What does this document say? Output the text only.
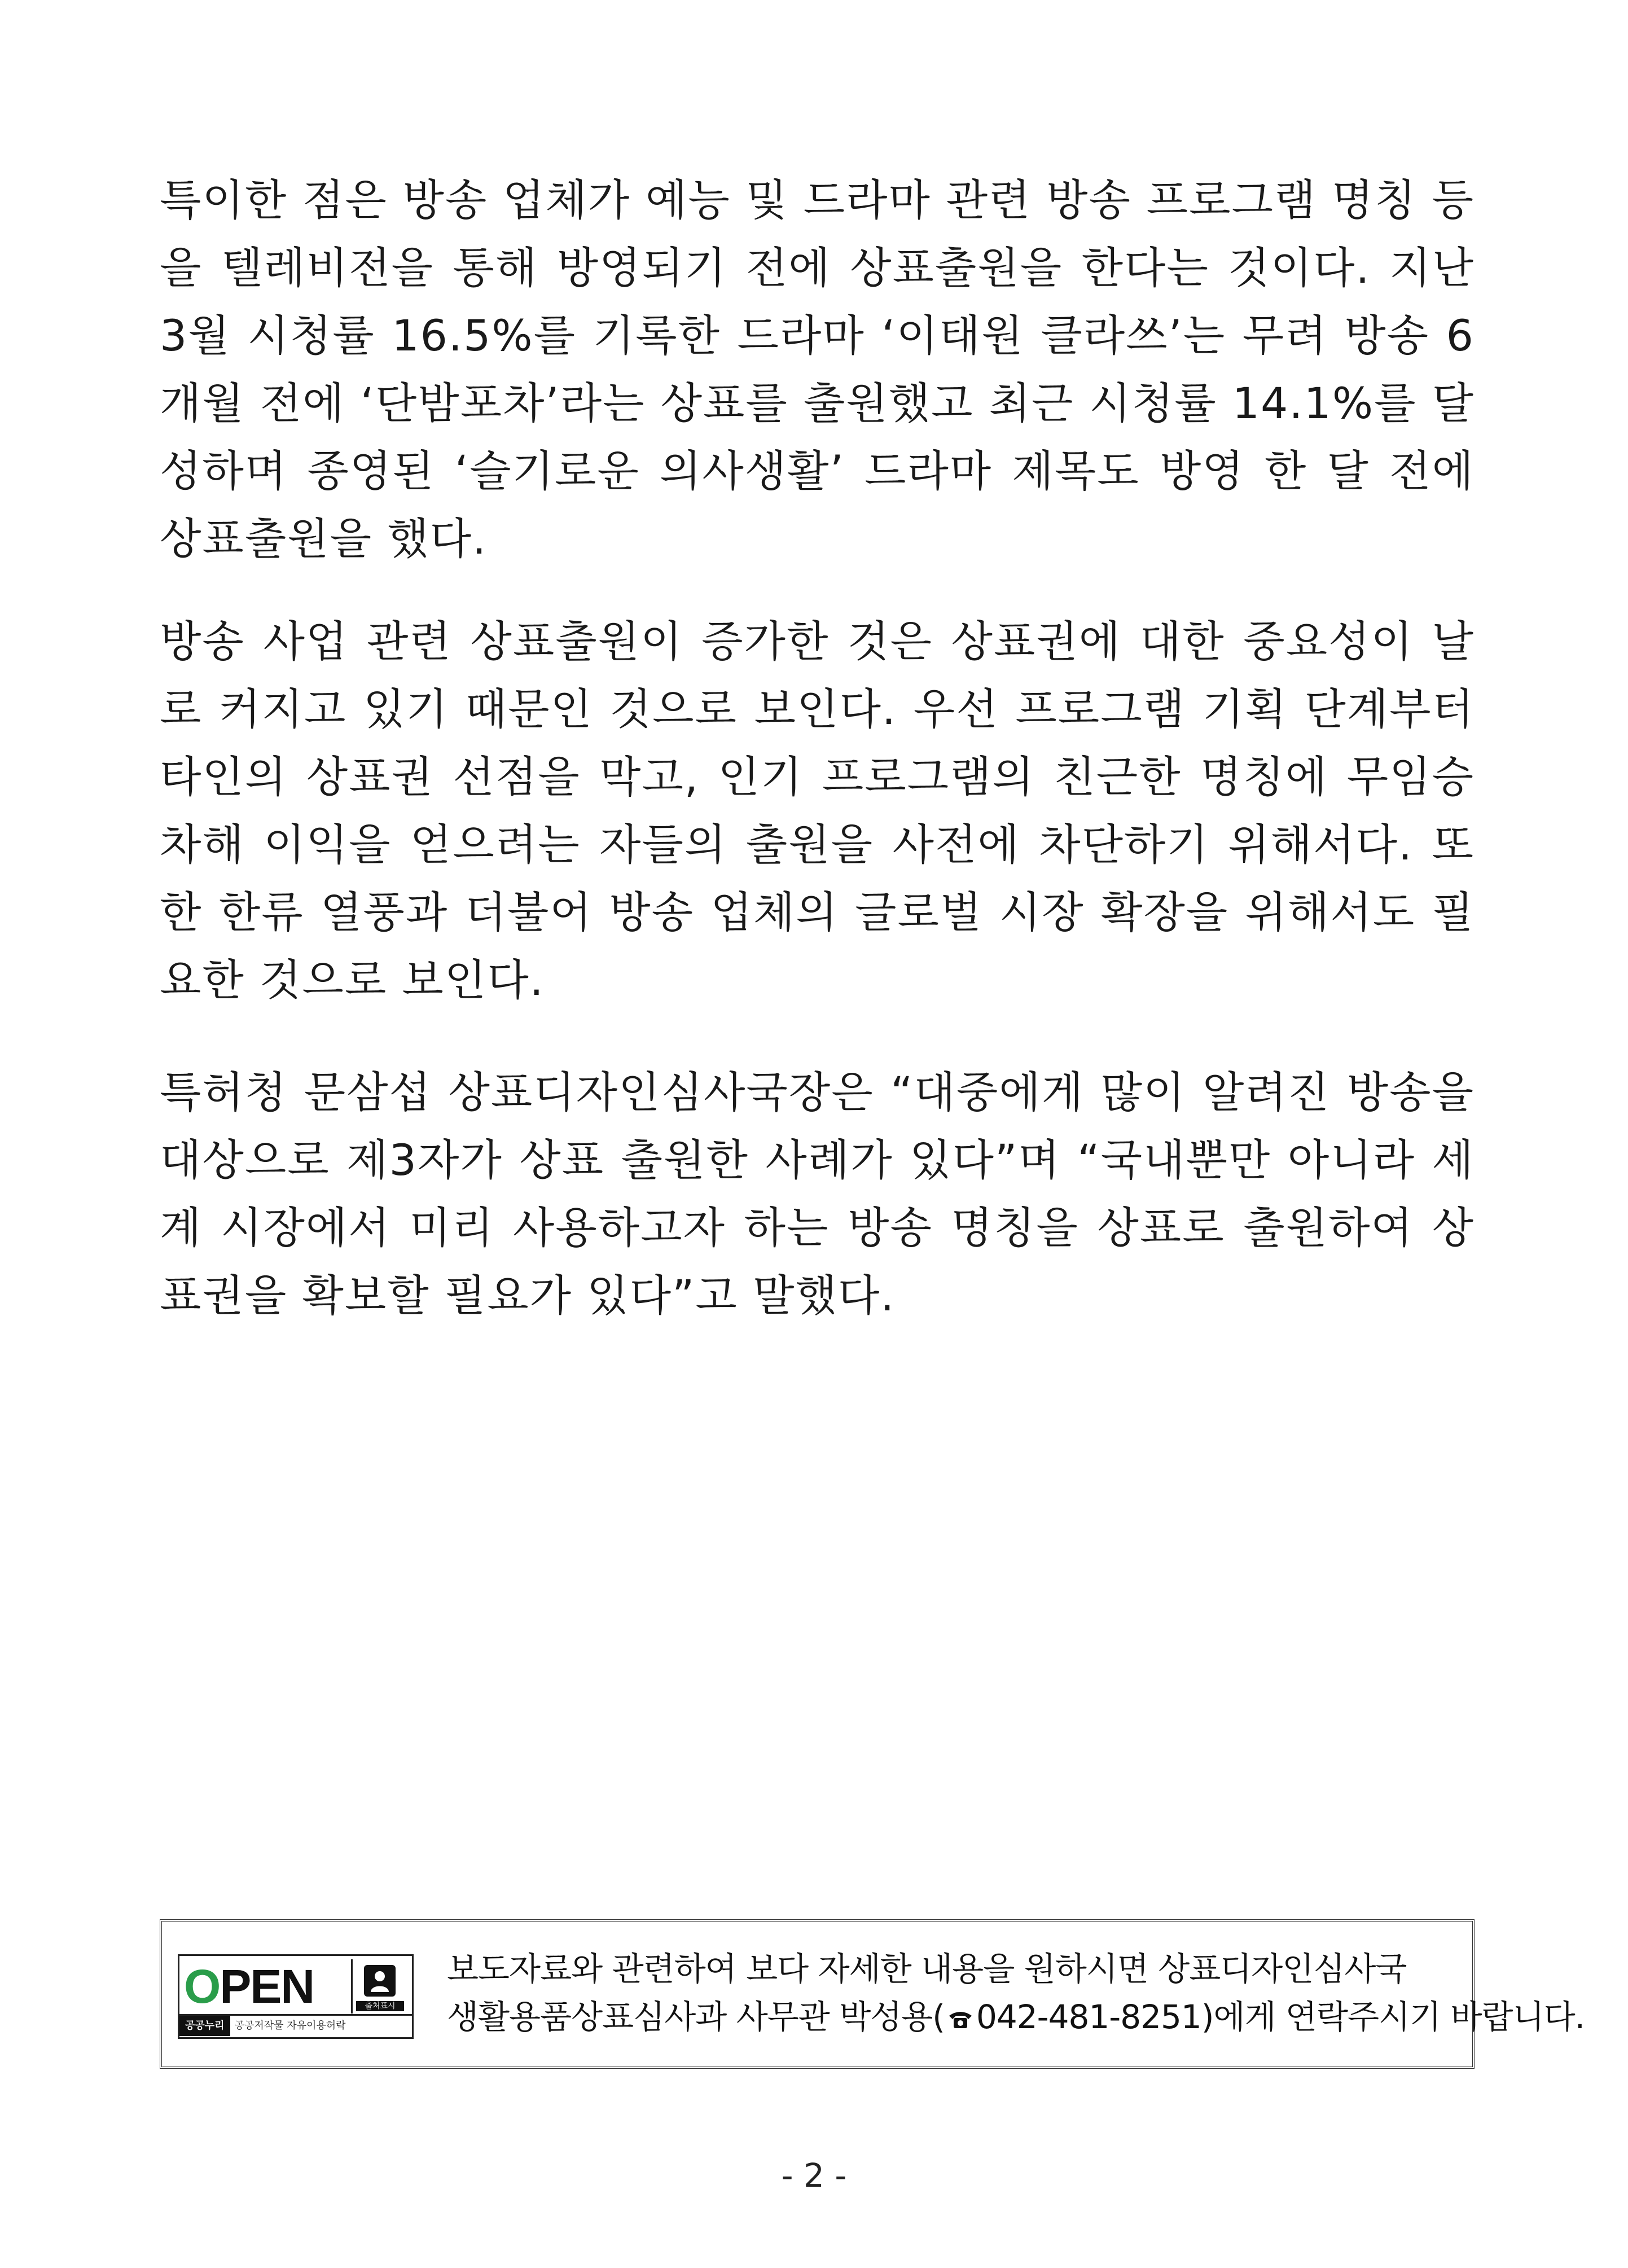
특이한 점은 방송 업체가 예능 및 드라마 관련 방송 프로그램 명칭 등을 텔레비전을 통해 방영되기 전에 상표출원을 한다는 것이다. 지난 3월 시청률 16.5%를 기록한 드라마 ‘이태원 클라쓰’는 무려 방송 6개월 전에 ‘단밤포차’라는 상표를 출원했고 최근 시청률 14.1%를 달성하며 종영된 ‘슬기로운 의사생활’ 드라마 제목도 방영 한 달 전에 상표출원을 했다.

방송 사업 관련 상표출원이 증가한 것은 상표권에 대한 중요성이 날로 커지고 있기 때문인 것으로 보인다. 우선 프로그램 기획 단계부터 타인의 상표권 선점을 막고, 인기 프로그램의 친근한 명칭에 무임승차해 이익을 얻으려는 자들의 출원을 사전에 차단하기 위해서다. 또한 한류 열풍과 더불어 방송 업체의 글로벌 시장 확장을 위해서도 필요한 것으로 보인다.

특허청 문삼섭 상표디자인심사국장은 “대중에게 많이 알려진 방송을 대상으로 제3자가 상표 출원한 사례가 있다”며 “국내뿐만 아니라 세계 시장에서 미리 사용하고자 하는 방송 명칭을 상표로 출원하여 상표권을 확보할 필요가 있다”고 말했다.

OPEN	출처표시
공공누리 공공저작물 자유이용허락
보도자료와 관련하여 보다 자세한 내용을 원하시면 상표디자인심사국
생활용품상표심사과 사무관 박성용( 042-481-8251)에게 연락주시기 바랍니다.
- 2 -
